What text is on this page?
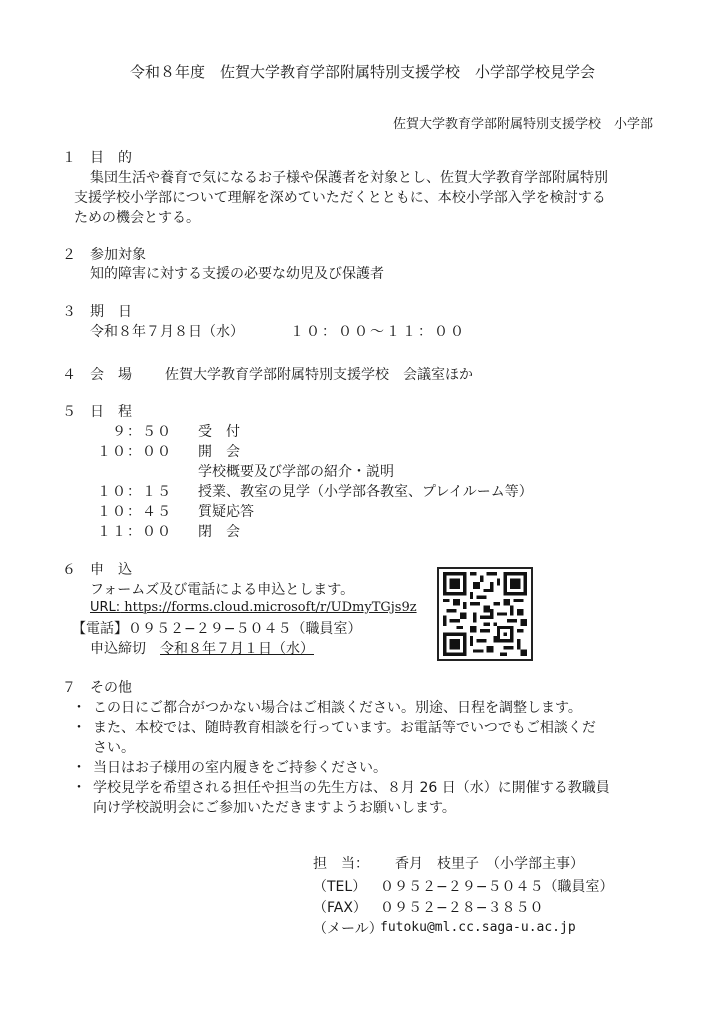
令和８年度　佐賀大学教育学部附属特別支援学校　小学部学校見学会
佐賀大学教育学部附属特別支援学校　小学部
１ 目　的
集団生活や養育で気になるお子様や保護者を対象とし、佐賀大学教育学部附属特別
支援学校小学部について理解を深めていただくとともに、本校小学部入学を検討する
ための機会とする。
２ 参加対象
知的障害に対する支援の必要な幼児及び保護者
３ 期　日
令和８年７月８日（水）	１０：００〜１１：００
４ 会　場 佐賀大学教育学部附属特別支援学校　会議室ほか
５ 日　程
９：５０ 受　付
１０：００ 開　会
学校概要及び学部の紹介・説明
１０：１５ 授業、教室の見学（小学部各教室、プレイルーム等）
１０：４５ 質疑応答
１１：００ 閉　会
６ 申　込
フォームズ及び電話による申込とします。
URL: https://forms.cloud.microsoft/r/UDmyTGjs9z
【電話】０９５２−２９−５０４５（職員室）
申込締切　令和８年７月１日（水）
７ その他
・ この日にご都合がつかない場合はご相談ください。別途、日程を調整します。
・ また、本校では、随時教育相談を行っています。お電話等でいつでもご相談くだ
さい。
・ 当日はお子様用の室内履きをご持参ください。
・ 学校見学を希望される担任や担当の先生方は、８月 26 日（水）に開催する教職員
向け学校説明会にご参加いただきますようお願いします。
担　当： 香月　枝里子　（小学部主事）
（TEL） ０９５２−２９−５０４５（職員室）
（FAX） ０９５２−２８−３８５０
（メール）
futoku@ml.cc.saga-u.ac.jp
